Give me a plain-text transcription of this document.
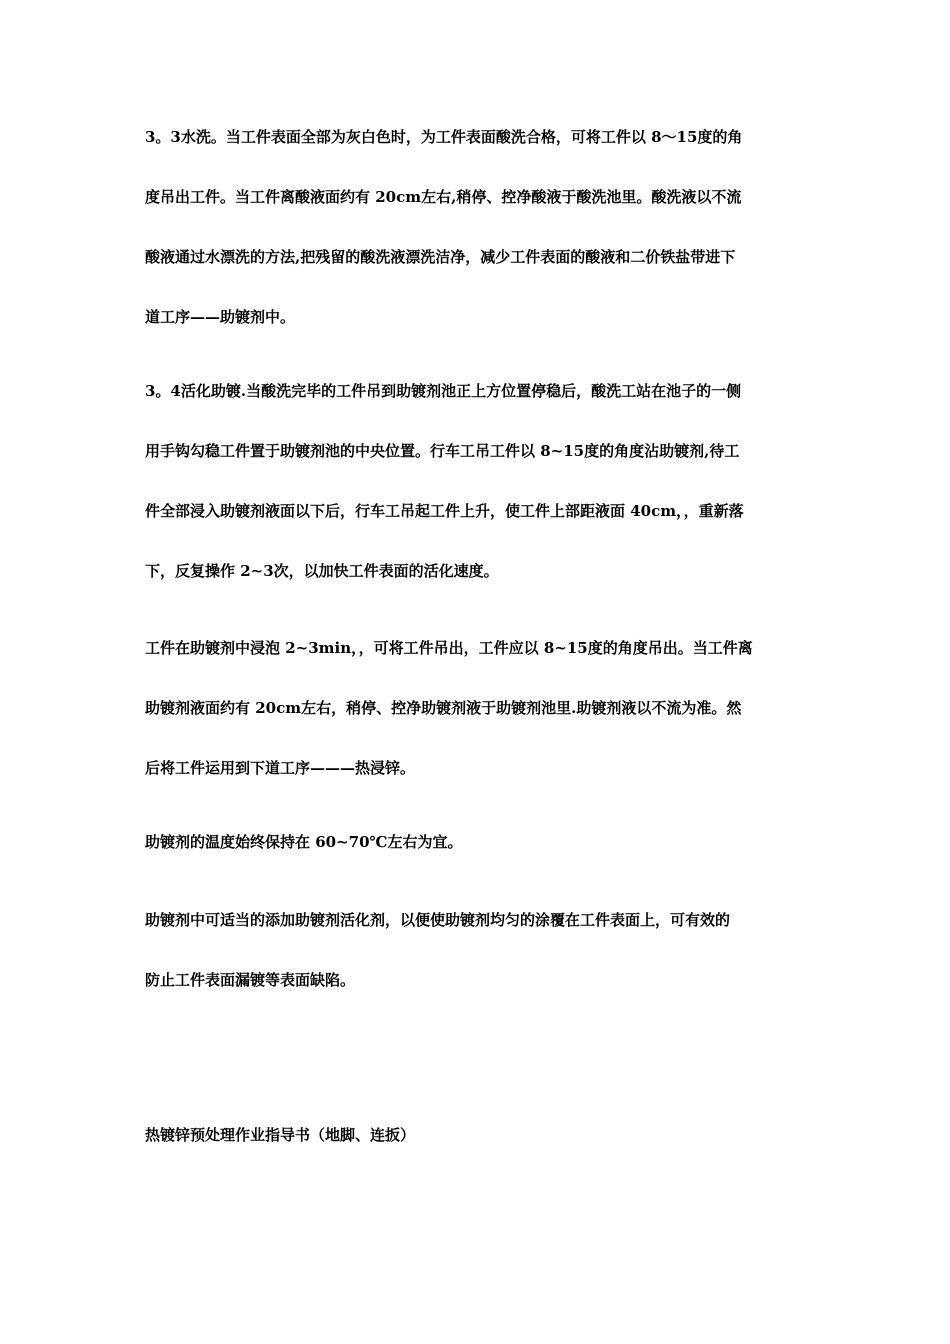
3。3水洗。当工件表面全部为灰白色时，为工件表面酸洗合格，可将工件以 8～15度的角
度吊出工件。当工件离酸液面约有 20cm左右,稍停、控净酸液于酸洗池里。酸洗液以不流
酸液通过水漂洗的方法,把残留的酸洗液漂洗洁净，减少工件表面的酸液和二价铁盐带进下
道工序——助镀剂中。
3。4活化助镀.当酸洗完毕的工件吊到助镀剂池正上方位置停稳后，酸洗工站在池子的一侧
用手钩勾稳工件置于助镀剂池的中央位置。行车工吊工件以 8~15度的角度沾助镀剂,待工
件全部浸入助镀剂液面以下后，行车工吊起工件上升，使工件上部距液面 40cm，，重新落
下，反复操作 2~3次，以加快工件表面的活化速度。
工件在助镀剂中浸泡 2~3min，，可将工件吊出，工件应以 8~15度的角度吊出。当工件离
助镀剂液面约有 20cm左右，稍停、控净助镀剂液于助镀剂池里.助镀剂液以不流为准。然
后将工件运用到下道工序———热浸锌。
助镀剂的温度始终保持在 60~70℃左右为宜。
助镀剂中可适当的添加助镀剂活化剂，以便使助镀剂均匀的涂覆在工件表面上，可有效的
防止工件表面漏镀等表面缺陷。
热镀锌预处理作业指导书（地脚、连扳）
